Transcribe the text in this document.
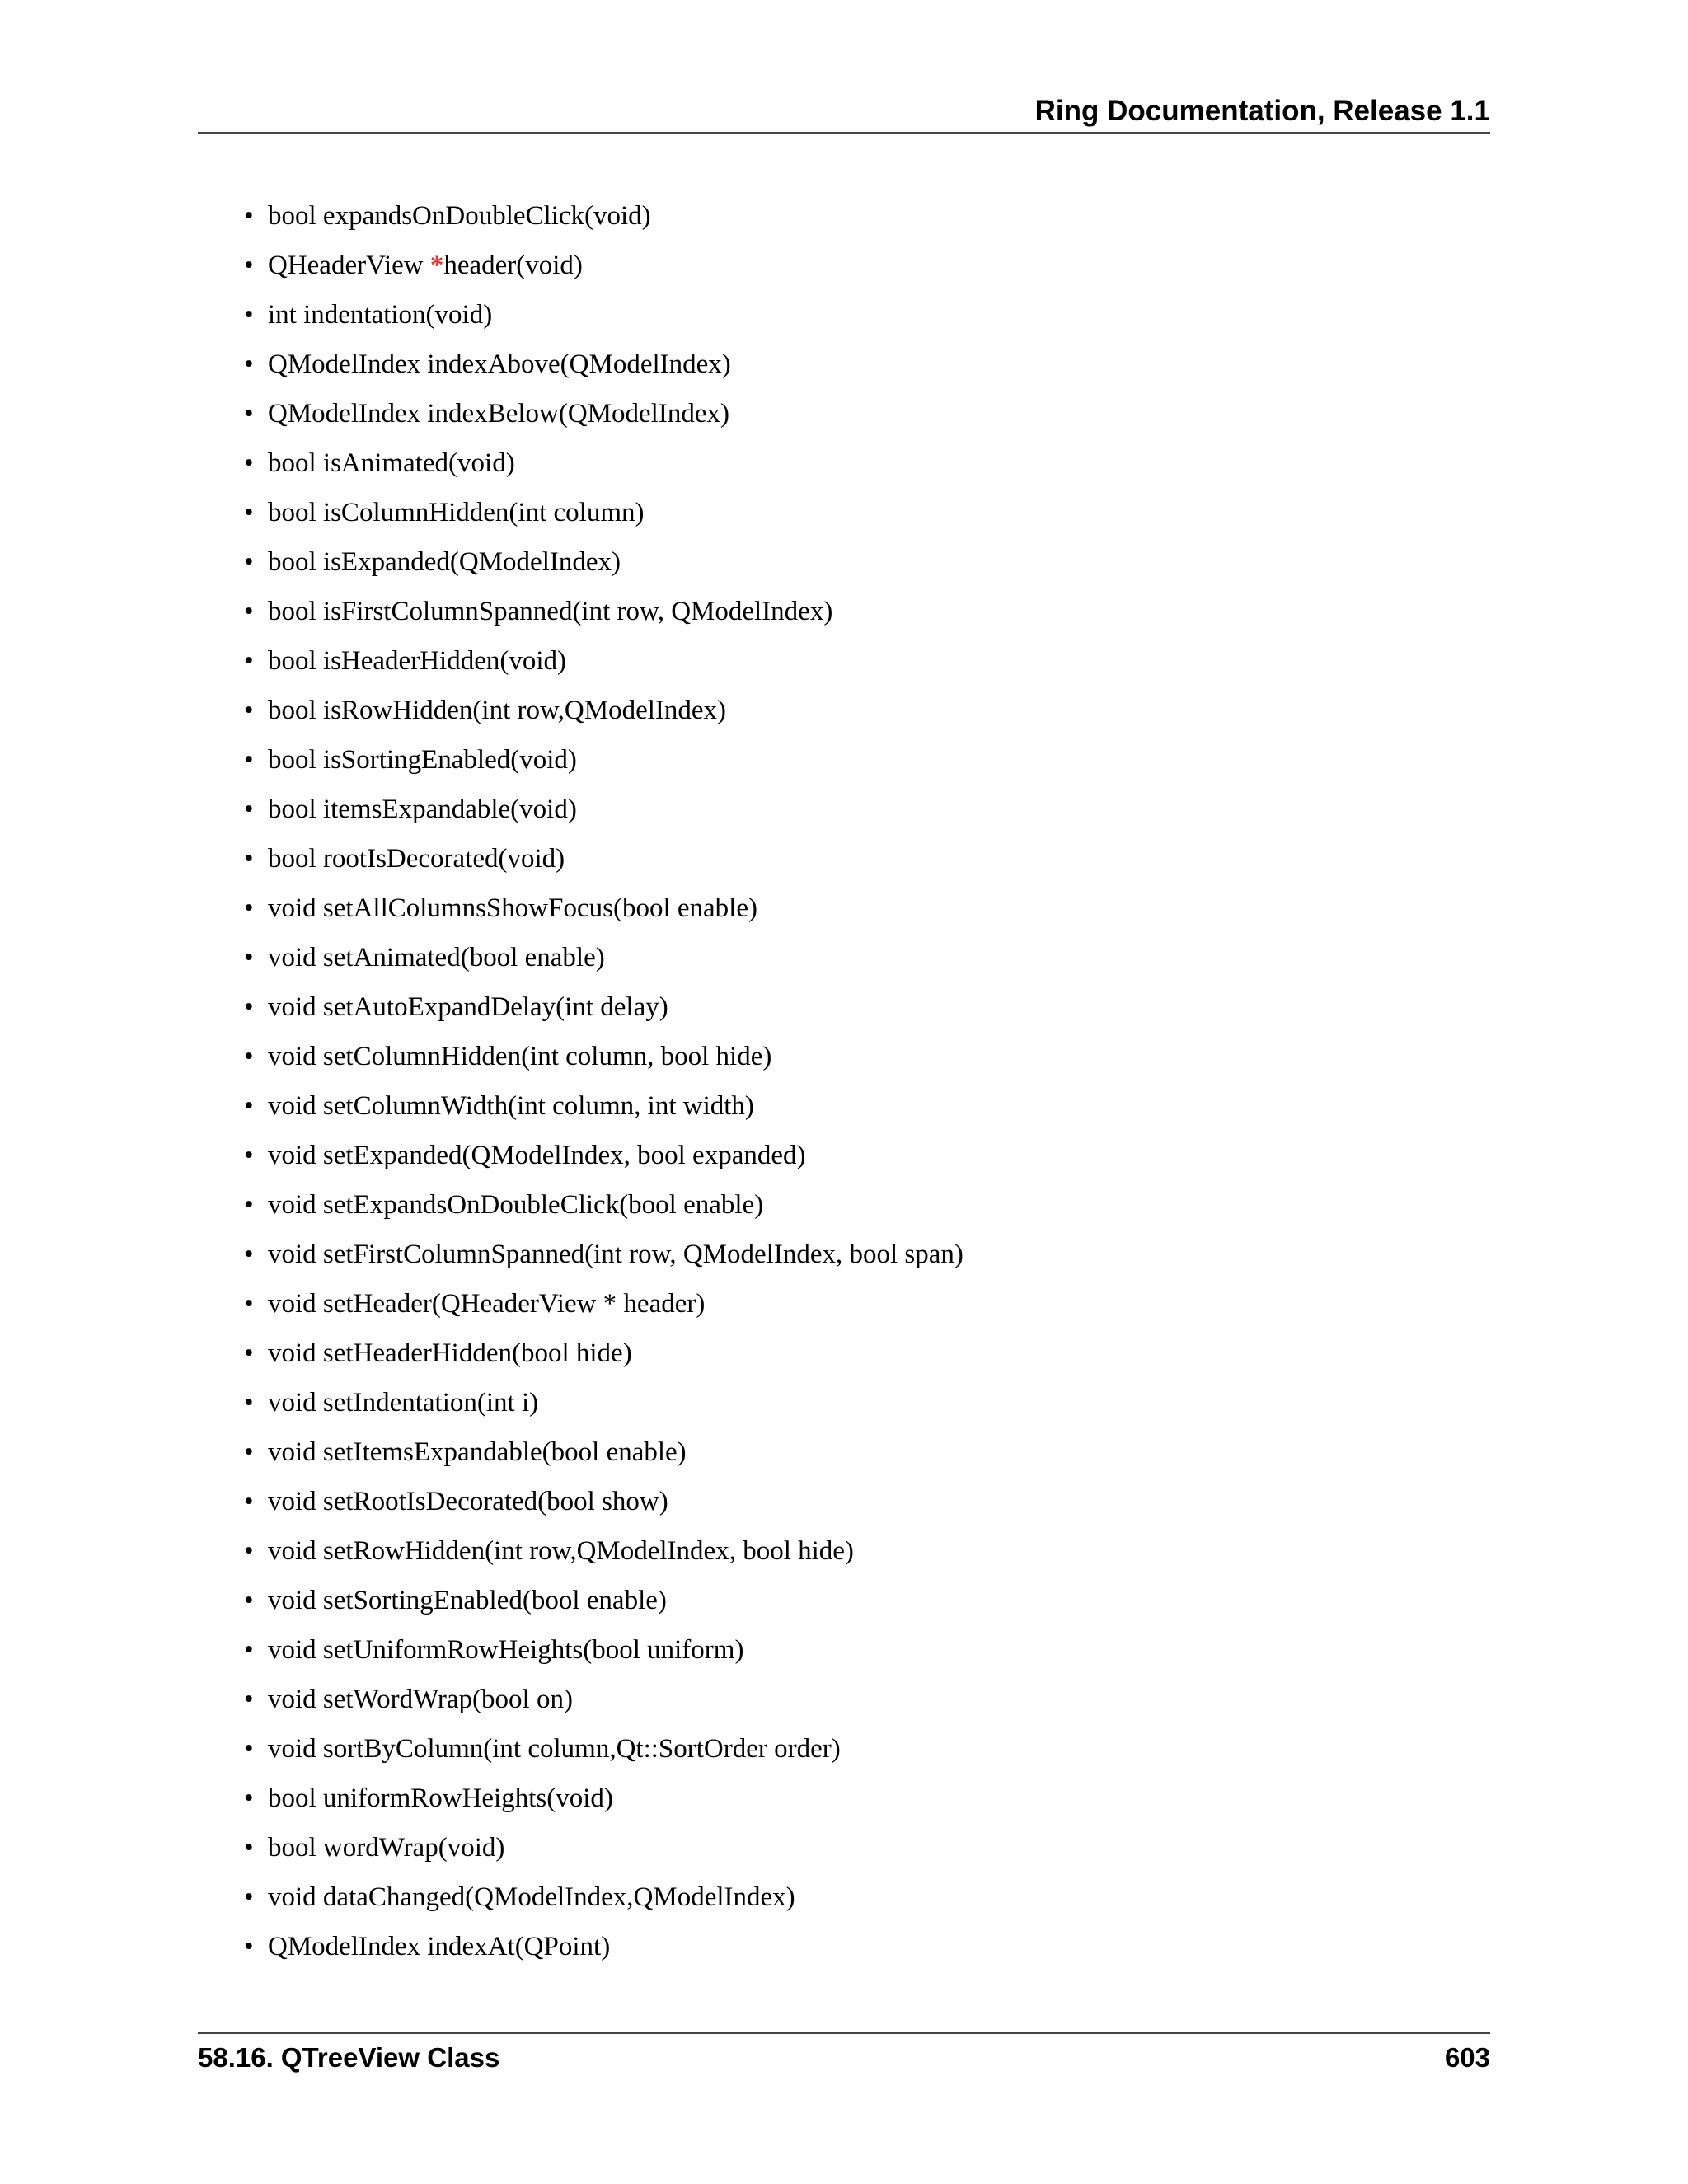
Ring Documentation, Release 1.1
• bool expandsOnDoubleClick(void)
• QHeaderView *header(void)
• int indentation(void)
• QModelIndex indexAbove(QModelIndex)
• QModelIndex indexBelow(QModelIndex)
• bool isAnimated(void)
• bool isColumnHidden(int column)
• bool isExpanded(QModelIndex)
• bool isFirstColumnSpanned(int row, QModelIndex)
• bool isHeaderHidden(void)
• bool isRowHidden(int row,QModelIndex)
• bool isSortingEnabled(void)
• bool itemsExpandable(void)
• bool rootIsDecorated(void)
• void setAllColumnsShowFocus(bool enable)
• void setAnimated(bool enable)
• void setAutoExpandDelay(int delay)
• void setColumnHidden(int column, bool hide)
• void setColumnWidth(int column, int width)
• void setExpanded(QModelIndex, bool expanded)
• void setExpandsOnDoubleClick(bool enable)
• void setFirstColumnSpanned(int row, QModelIndex, bool span)
• void setHeader(QHeaderView * header)
• void setHeaderHidden(bool hide)
• void setIndentation(int i)
• void setItemsExpandable(bool enable)
• void setRootIsDecorated(bool show)
• void setRowHidden(int row,QModelIndex, bool hide)
• void setSortingEnabled(bool enable)
• void setUniformRowHeights(bool uniform)
• void setWordWrap(bool on)
• void sortByColumn(int column,Qt::SortOrder order)
• bool uniformRowHeights(void)
• bool wordWrap(void)
• void dataChanged(QModelIndex,QModelIndex)
• QModelIndex indexAt(QPoint)
58.16. QTreeView Class	603
